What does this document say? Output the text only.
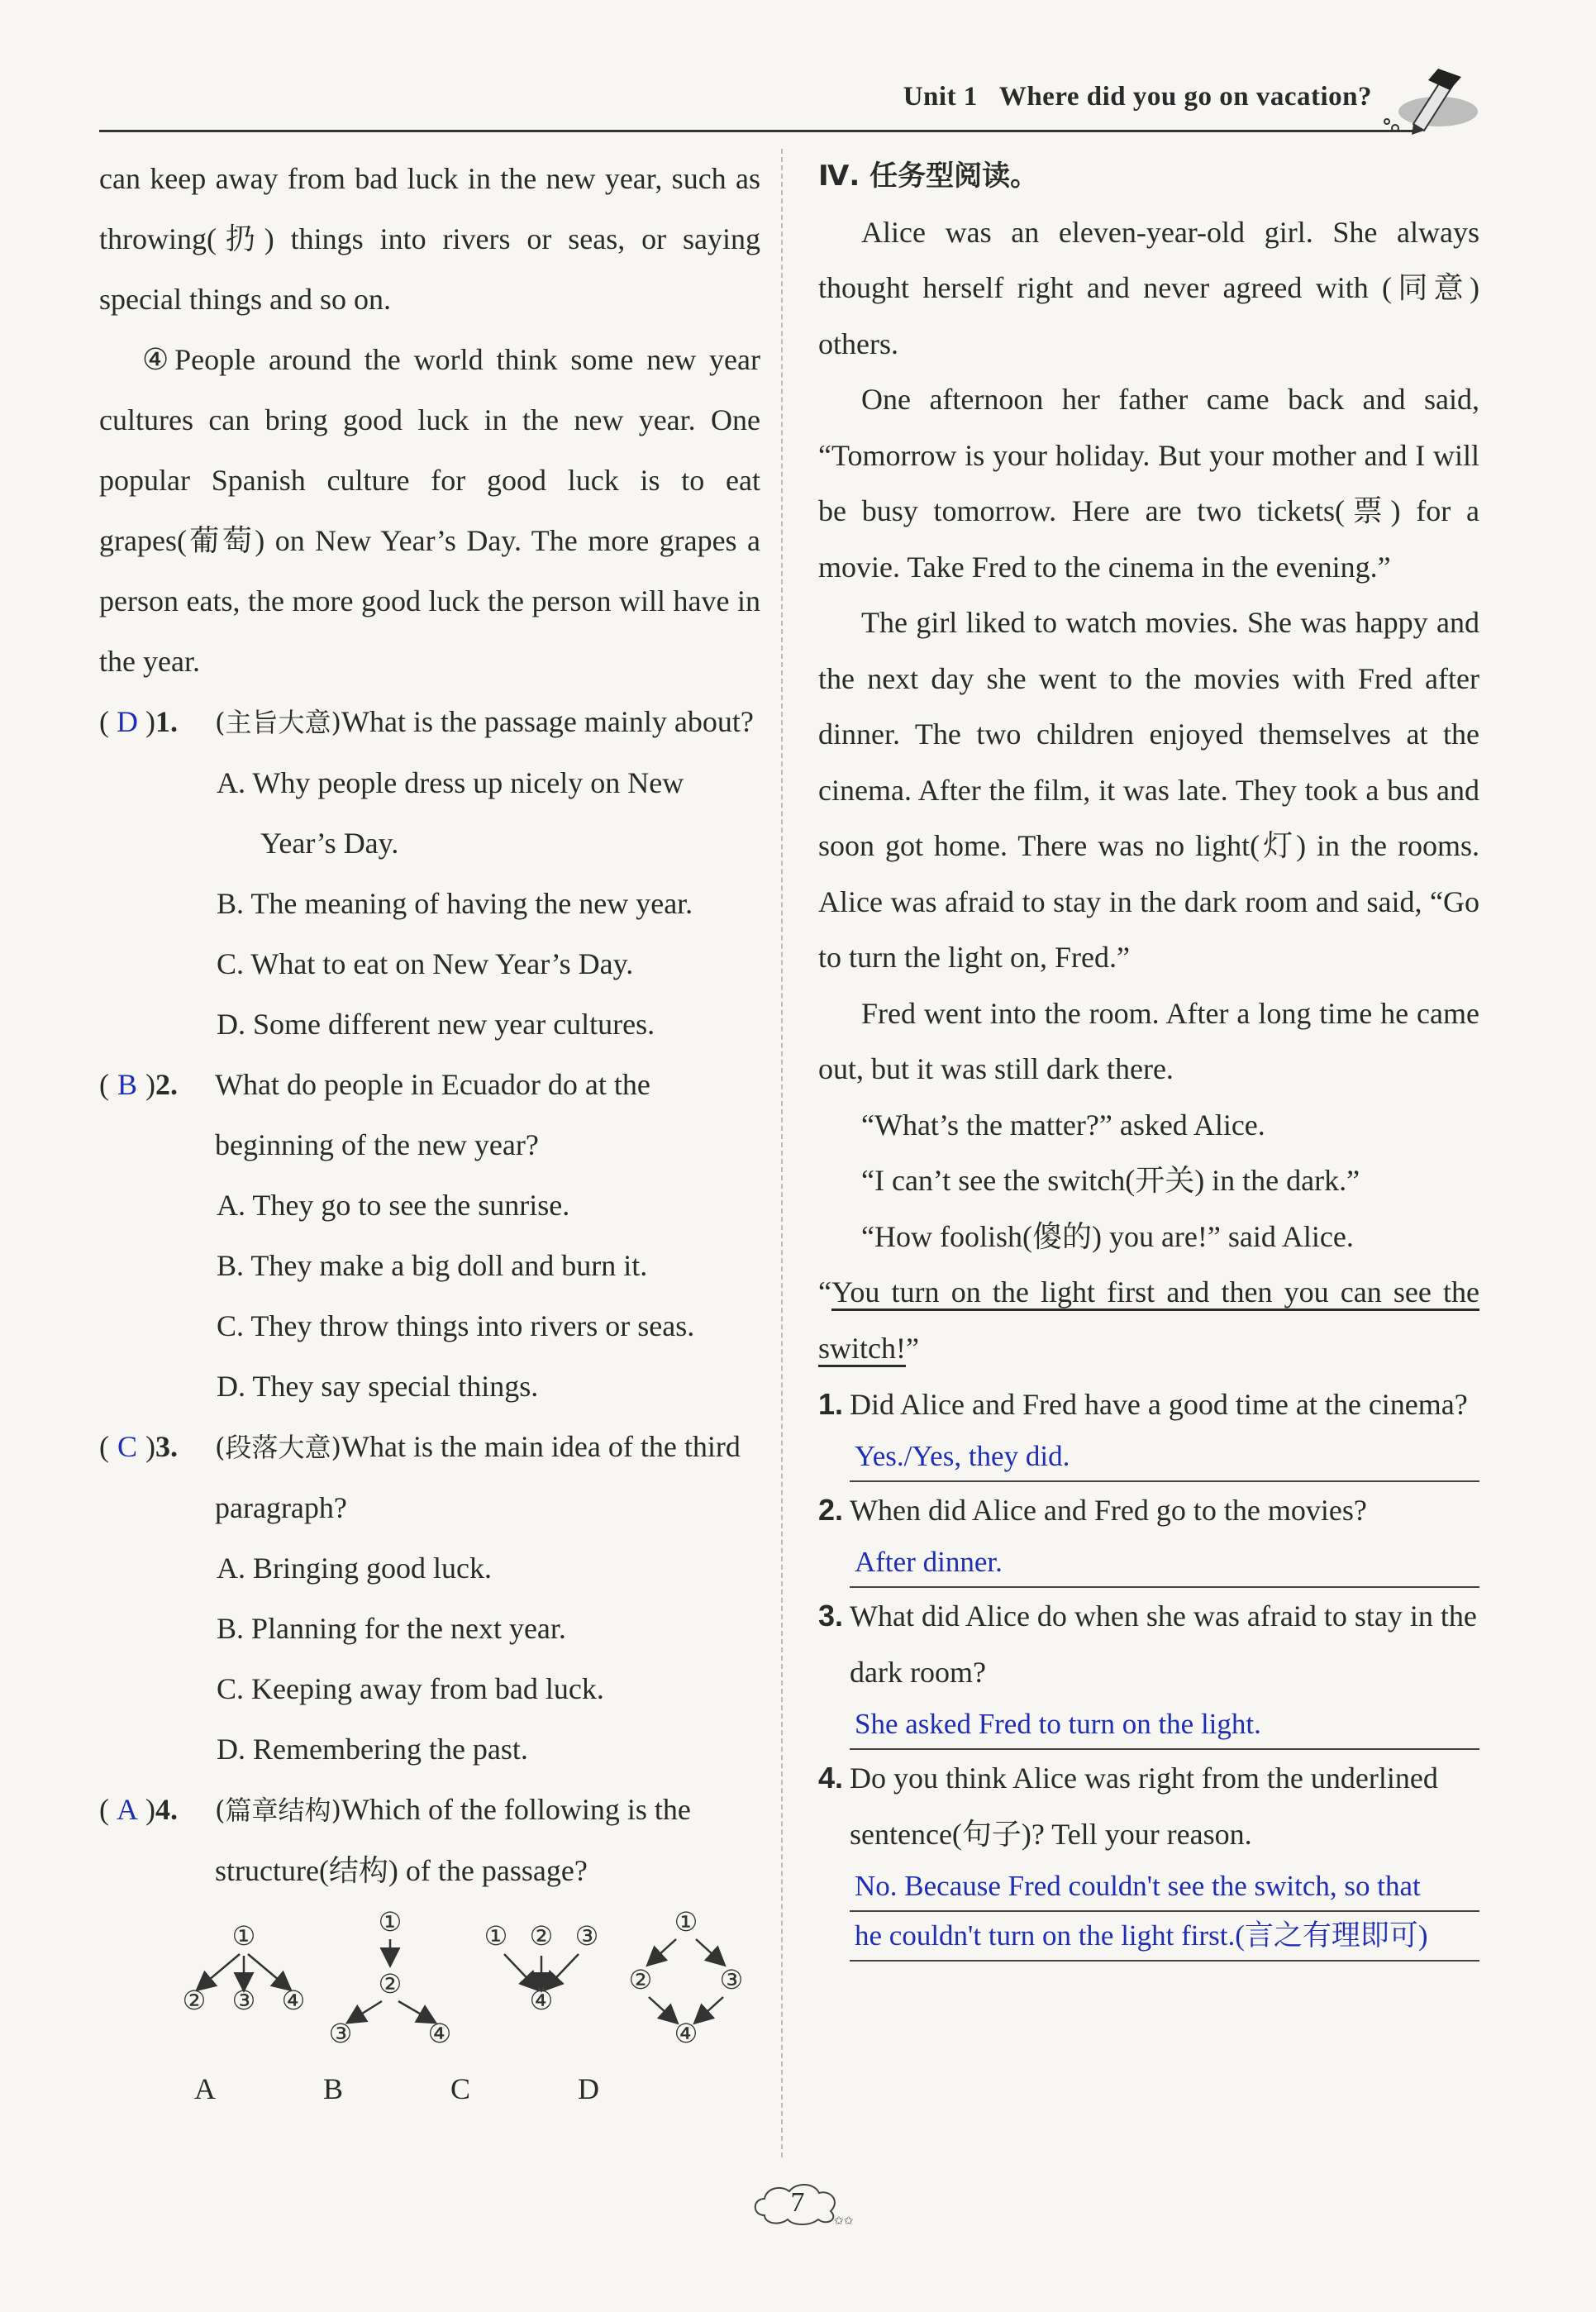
Unit 1 Where did you go on vacation?

can keep away from bad luck in the new year, such as throwing(扔) things into rivers or seas, or saying special things and so on.

④People around the world think some new year cultures can bring good luck in the new year. One popular Spanish culture for good luck is to eat grapes(葡萄) on New Year’s Day. The more grapes a person eats, the more good luck the person will have in the year.

( D )1.	(主旨大意)What is the passage mainly about?

A. Why people dress up nicely on New

Year’s Day.

B. The meaning of having the new year.

C. What to eat on New Year’s Day.

D. Some different new year cultures.

( B )2.	What do people in Ecuador do at the beginning of the new year?

A. They go to see the sunrise.

B. They make a big doll and burn it.

C. They throw things into rivers or seas.

D. They say special things.

( C )3.	(段落大意)What is the main idea of the third paragraph?

A. Bringing good luck.

B. Planning for the next year.

C. Keeping away from bad luck.

D. Remembering the past.

( A )4.	(篇章结构)Which of the following is the structure(结构) of the passage?
①
② ③ ④
①
②
③	④
① ② ③
④
①
②	③
④
A	B	C	D

Ⅳ. 任务型阅读。

Alice was an eleven-year-old girl. She always thought herself right and never agreed with (同意) others.

One afternoon her father came back and said, “Tomorrow is your holiday. But your mother and I will be busy tomorrow. Here are two tickets(票) for a movie. Take Fred to the cinema in the evening.”

The girl liked to watch movies. She was happy and the next day she went to the movies with Fred after dinner. The two children enjoyed themselves at the cinema. After the film, it was late. They took a bus and soon got home. There was no light(灯) in the rooms. Alice was afraid to stay in the dark room and said, “Go to turn the light on, Fred.”

Fred went into the room. After a long time he came out, but it was still dark there.

“What’s the matter?” asked Alice.

“I can’t see the switch(开关) in the dark.”

“How foolish(傻的) you are!” said Alice.

“You turn on the light first and then you can see the switch!”

1. Did Alice and Fred have a good time at the cinema?
Yes./Yes, they did.
2. When did Alice and Fred go to the movies?
After dinner.
3. What did Alice do when she was afraid to stay in the dark room?
She asked Fred to turn on the light.
4. Do you think Alice was right from the underlined sentence(句子)? Tell your reason.
No. Because Fred couldn't see the switch, so that
he couldn't turn on the light first.(言之有理即可)
✩✩
7
